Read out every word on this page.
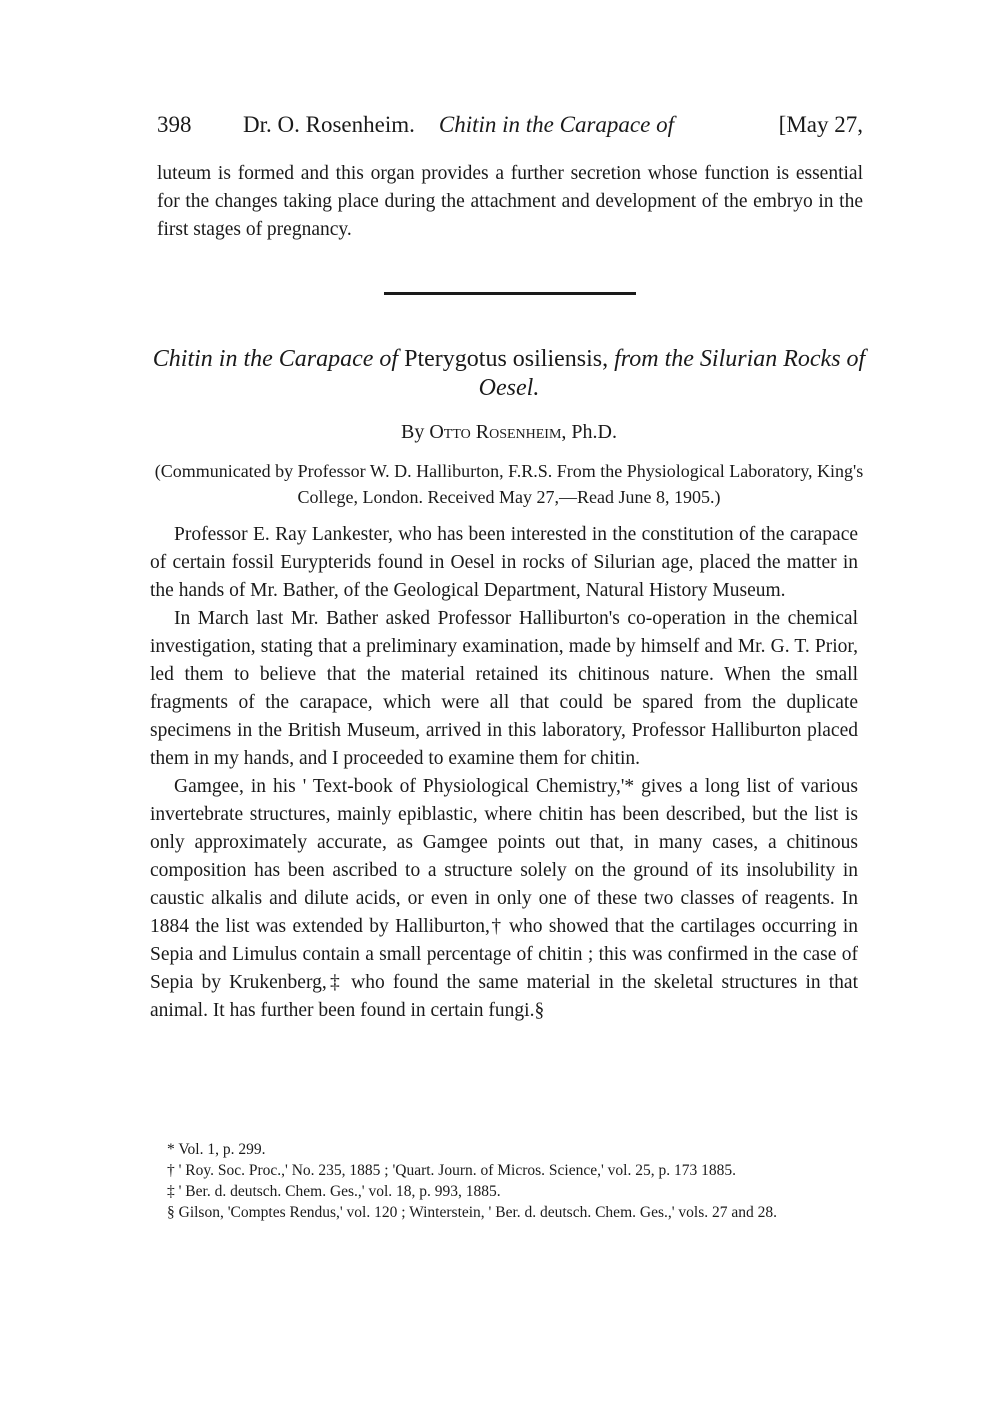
398	Dr. O. Rosenheim. Chitin in the Carapace of	[May 27,

luteum is formed and this organ provides a further secretion whose function is essential for the changes taking place during the attachment and development of the embryo in the first stages of pregnancy.

Chitin in the Carapace of Pterygotus osiliensis, from the Silurian Rocks of Oesel.

By Otto Rosenheim, Ph.D.

(Communicated by Professor W. D. Halliburton, F.R.S. From the Physiological Laboratory, King's College, London. Received May 27,—Read June 8, 1905.)

Professor E. Ray Lankester, who has been interested in the constitution of the carapace of certain fossil Eurypterids found in Oesel in rocks of Silurian age, placed the matter in the hands of Mr. Bather, of the Geological Department, Natural History Museum.

In March last Mr. Bather asked Professor Halliburton's co-operation in the chemical investigation, stating that a preliminary examination, made by himself and Mr. G. T. Prior, led them to believe that the material retained its chitinous nature. When the small fragments of the carapace, which were all that could be spared from the duplicate specimens in the British Museum, arrived in this laboratory, Professor Halliburton placed them in my hands, and I proceeded to examine them for chitin.

Gamgee, in his ' Text-book of Physiological Chemistry,'* gives a long list of various invertebrate structures, mainly epiblastic, where chitin has been described, but the list is only approximately accurate, as Gamgee points out that, in many cases, a chitinous composition has been ascribed to a structure solely on the ground of its insolubility in caustic alkalis and dilute acids, or even in only one of these two classes of reagents. In 1884 the list was extended by Halliburton,† who showed that the cartilages occurring in Sepia and Limulus contain a small percentage of chitin ; this was confirmed in the case of Sepia by Krukenberg,‡ who found the same material in the skeletal structures in that animal. It has further been found in certain fungi.§

* Vol. 1, p. 299.

† ' Roy. Soc. Proc.,' No. 235, 1885 ; 'Quart. Journ. of Micros. Science,' vol. 25, p. 173 1885.

‡ ' Ber. d. deutsch. Chem. Ges.,' vol. 18, p. 993, 1885.

§ Gilson, 'Comptes Rendus,' vol. 120 ; Winterstein, ' Ber. d. deutsch. Chem. Ges.,' vols. 27 and 28.
